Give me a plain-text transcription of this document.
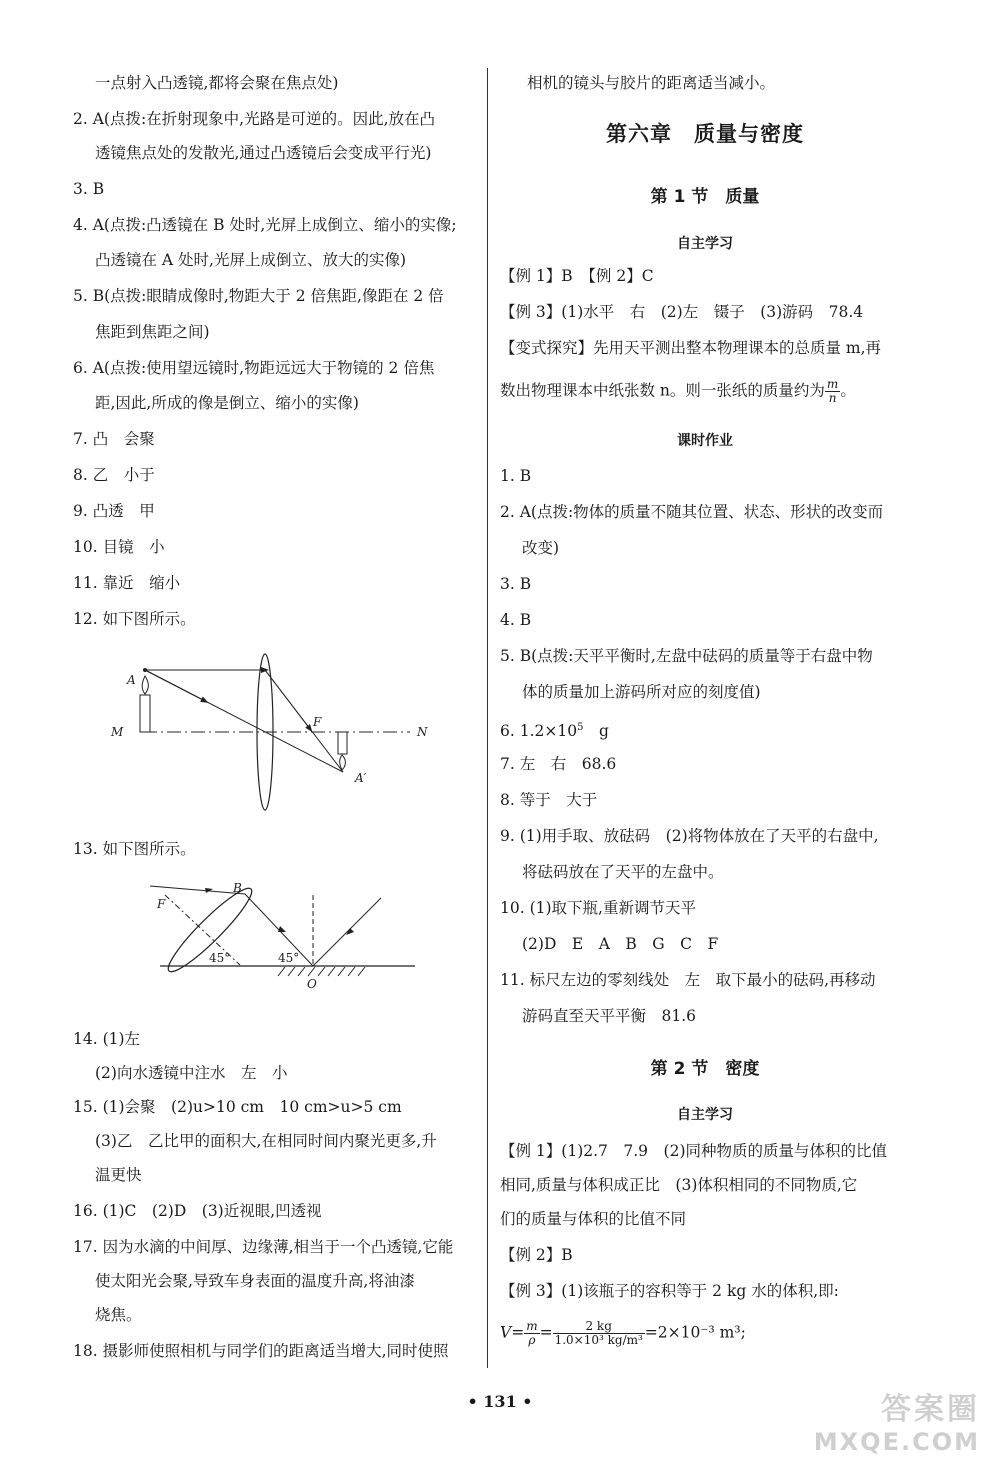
一点射入凸透镜,都将会聚在焦点处)
2. A(点拨:在折射现象中,光路是可逆的。因此,放在凸
透镜焦点处的发散光,通过凸透镜后会变成平行光)
3. B
4. A(点拨:凸透镜在 B 处时,光屏上成倒立、缩小的实像;
凸透镜在 A 处时,光屏上成倒立、放大的实像)
5. B(点拨:眼睛成像时,物距大于 2 倍焦距,像距在 2 倍
焦距到焦距之间)
6. A(点拨:使用望远镜时,物距远远大于物镜的 2 倍焦
距,因此,所成的像是倒立、缩小的实像)
7. 凸　会聚
8. 乙　小于
9. 凸透　甲
10. 目镜　小
11. 靠近　缩小
12. 如下图所示。
A
M
F
N
A′
13. 如下图所示。
F
B
O
45°	45°
14. (1)左
(2)向水透镜中注水　左　小
15. (1)会聚　(2)u>10 cm　10 cm>u>5 cm
(3)乙　乙比甲的面积大,在相同时间内聚光更多,升
温更快
16. (1)C　(2)D　(3)近视眼,凹透视
17. 因为水滴的中间厚、边缘薄,相当于一个凸透镜,它能
使太阳光会聚,导致车身表面的温度升高,将油漆
烧焦。
18. 摄影师使照相机与同学们的距离适当增大,同时使照
相机的镜头与胶片的距离适当减小。
第六章　质量与密度
第 1 节　质量
自主学习
【例 1】B　【例 2】C
【例 3】(1)水平　右　(2)左　镊子　(3)游码　78.4
【变式探究】先用天平测出整本物理课本的总质量 m,再
数出物理课本中纸张数 n。则一张纸的质量约为 $\frac{m}{n}$ 。
课时作业
1. B
2. A(点拨:物体的质量不随其位置、状态、形状的改变而
改变)
3. B
4. B
5. B(点拨:天平平衡时,左盘中砝码的质量等于右盘中物
体的质量加上游码所对应的刻度值)
6. $1.2\times 10^5$　g
7. 左　右　68.6
8. 等于　大于
9. (1)用手取、放砝码　(2)将物体放在了天平的右盘中,
将砝码放在了天平的左盘中。
10. (1)取下瓶,重新调节天平
(2)D　E　A　B　G　C　F
11. 标尺左边的零刻线处　左　取下最小的砝码,再移动
游码直至天平平衡　81.6
第 2 节　密度
自主学习
【例 1】(1)2.7　7.9　(2)同种物质的质量与体积的比值
相同,质量与体积成正比　(3)体积相同的不同物质,它
们的质量与体积的比值不同
【例 2】B
【例 3】(1)该瓶子的容积等于 2 kg 水的体积,即:
$V= \frac{m}{\rho} = \frac{2 kg}{\text{1.0×10³ kg/m³}} =2\times 10^{-3}$ m³;
• 131 •	答案圈
MXQE.COM
